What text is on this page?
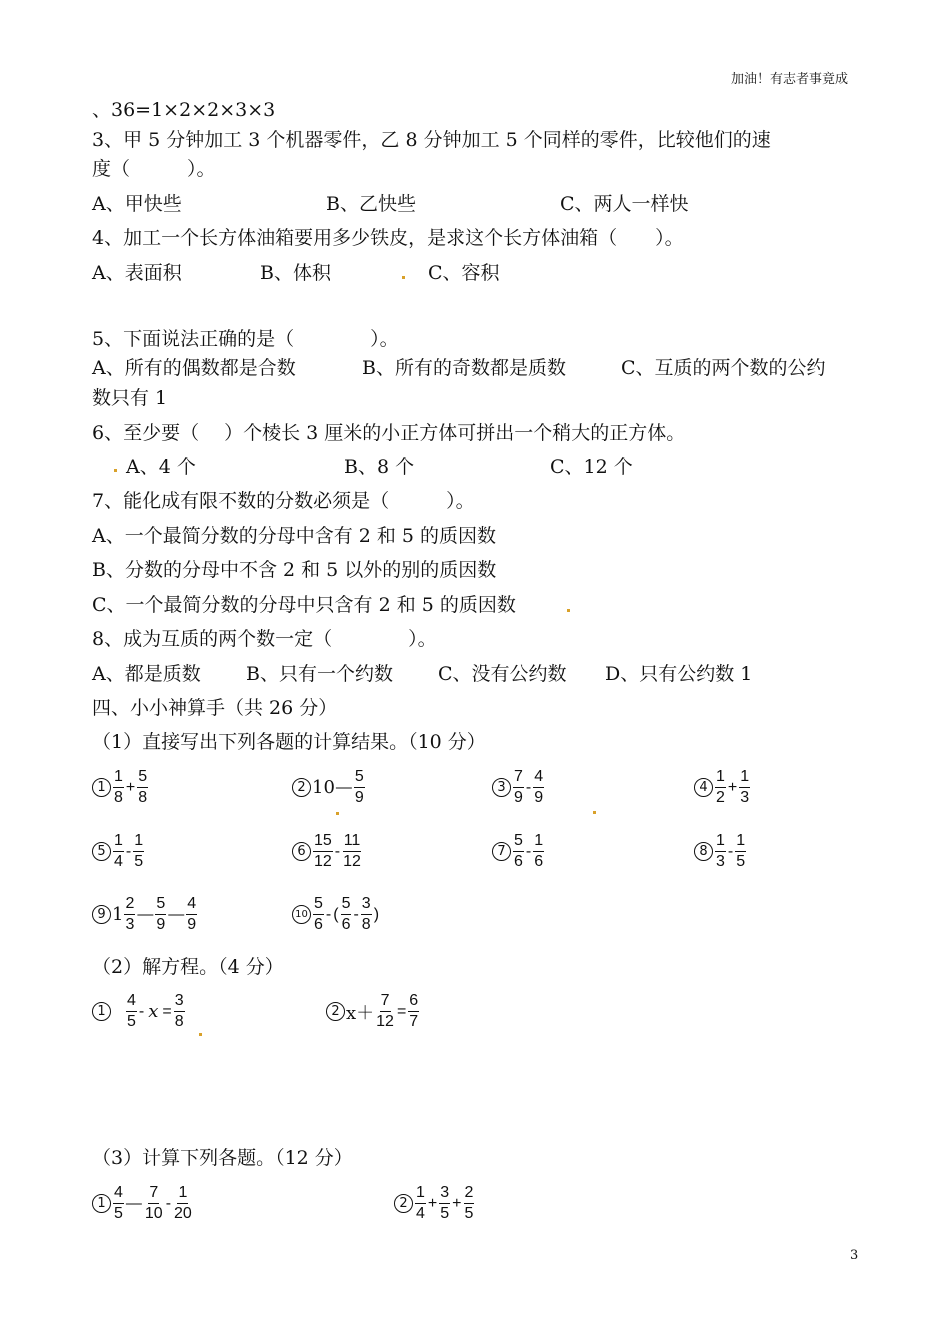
加油！有志者事竟成
、36=1×2×2×3×3
3、甲 5 分钟加工 3 个机器零件，乙 8 分钟加工 5 个同样的零件，比较他们的速
度（　　　）。
A、甲快些	B、乙快些	C、两人一样快
4、加工一个长方体油箱要用多少铁皮，是求这个长方体油箱（　　）。
A、表面积	B、体积	C、容积
5、下面说法正确的是（　　　　）。
A、所有的偶数都是合数	B、所有的奇数都是质数	C、互质的两个数的公约
数只有 1
6、至少要（　 ）个棱长 3 厘米的小正方体可拼出一个稍大的正方体。
A、4 个	B、8 个	C、12 个
7、能化成有限不数的分数必须是（　　　）。
A、一个最简分数的分母中含有 2 和 5 的质因数
B、分数的分母中不含 2 和 5 以外的别的质因数
C、一个最简分数的分母中只含有 2 和 5 的质因数
8、成为互质的两个数一定（　　　　）。
A、都是质数 B、只有一个约数 C、没有公约数 D、只有公约数 1
四、小小神算手（共 26 分）
（1）直接写出下列各题的计算结果。（10 分）
$1 \frac{1}{8} + \frac{5}{8}$	2 10 — $\frac{5}{9}$	$3 \frac{7}{9} - \frac{4}{9}$	$4 \frac{1}{2} + \frac{1}{3}$
$5 \frac{1}{4} - \frac{1}{5}$	$6 \frac{15}{12} - \frac{11}{12}$	$7 \frac{5}{6} - \frac{1}{6}$	$8 \frac{1}{3} - \frac{1}{5}$
9 $1 \frac{2}{3}$ — $\frac{5}{9}$ — $\frac{4}{9}$	$10 \frac{5}{6}$ - ( $\frac{5}{6} - \frac{3}{8}$ )
（2）解方程。（4 分）
1	$\frac{4}{5} - x = \frac{3}{8}$	2 $x+ \frac{7}{12} = \frac{6}{7}$
（3）计算下列各题。（12 分）
$1 \frac{4}{5}$ — $\frac{7}{10} - \frac{1}{20}$	$2 \frac{1}{4} + \frac{3}{5} + \frac{2}{5}$
3
